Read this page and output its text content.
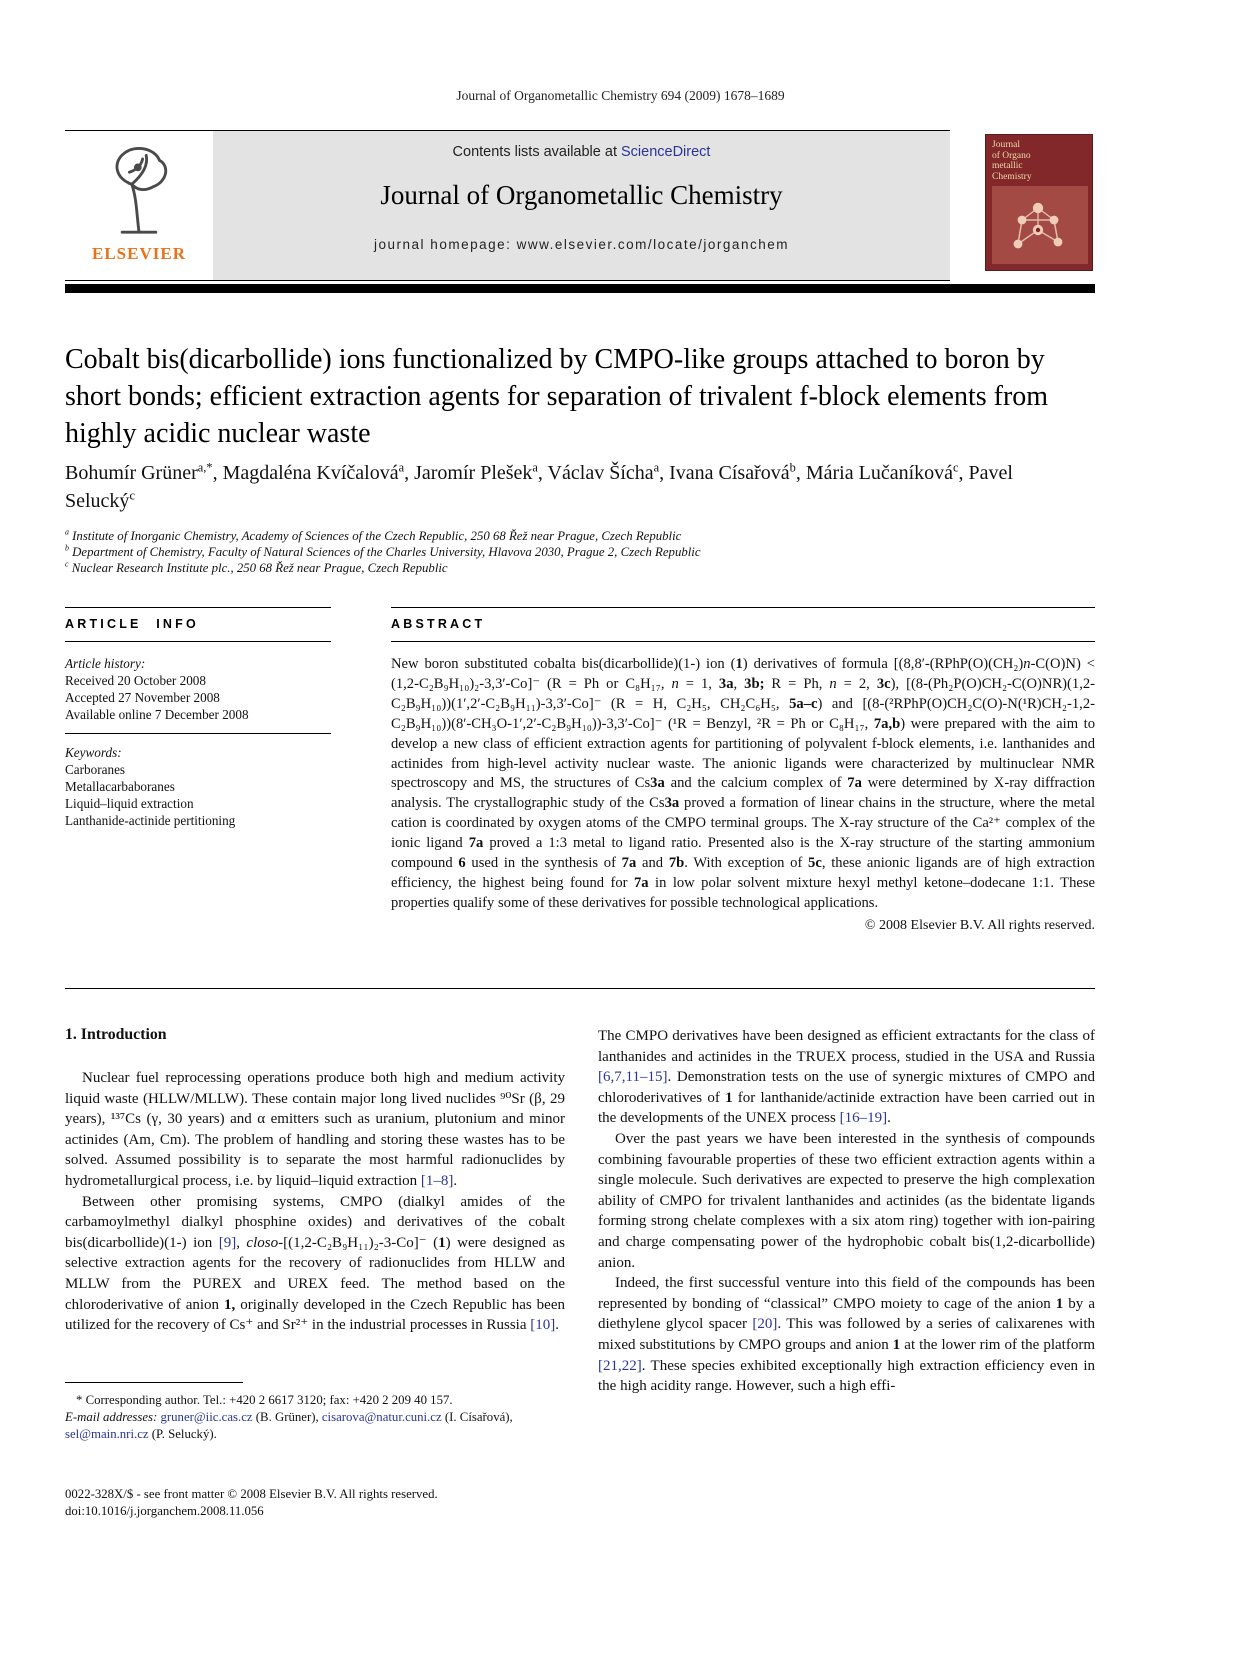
Journal of Organometallic Chemistry 694 (2009) 1678–1689
ELSEVIER
Contents lists available at ScienceDirect
Journal of Organometallic Chemistry
journal homepage: www.elsevier.com/locate/jorganchem
Journal
of Organo
metallic
Chemistry
Cobalt bis(dicarbollide) ions functionalized by CMPO-like groups attached to boron by short bonds; efficient extraction agents for separation of trivalent f-block elements from highly acidic nuclear waste
Bohumír Grüner$^{a,*}$, Magdaléna Kvíčalová$^a$, Jaromír Plešek$^a$, Václav Šícha$^a$, Ivana Císařová$^b$, Mária Lučaníková$^c$, Pavel Selucký$^c$
$^a$ Institute of Inorganic Chemistry, Academy of Sciences of the Czech Republic, 250 68 Řež near Prague, Czech Republic
$^b$ Department of Chemistry, Faculty of Natural Sciences of the Charles University, Hlavova 2030, Prague 2, Czech Republic
$^c$ Nuclear Research Institute plc., 250 68 Řež near Prague, Czech Republic
ARTICLE INFO
Article history:
Received 20 October 2008
Accepted 27 November 2008
Available online 7 December 2008
Keywords:
Carboranes
Metallacarbaboranes
Liquid–liquid extraction
Lanthanide-actinide pertitioning
ABSTRACT
New boron substituted cobalta bis(dicarbollide)(1-) ion (1) derivatives of formula [(8,8′-(RPhP(O)(CH₂)n-C(O)N) < (1,2-C₂B₉H₁₀)₂-3,3′-Co]⁻ (R = Ph or C₈H₁₇, n = 1, 3a, 3b; R = Ph, n = 2, 3c), [(8-(Ph₂P(O)CH₂-C(O)NR)(1,2-C₂B₉H₁₀))(1′,2′-C₂B₉H₁₁)-3,3′-Co]⁻ (R = H, C₂H₅, CH₂C₆H₅, 5a–c) and [(8-(²RPhP(O)CH₂C(O)-N(¹R)CH₂-1,2-C₂B₉H₁₀))(8′-CH₃O-1′,2′-C₂B₉H₁₀))-3,3′-Co]⁻ (¹R = Benzyl, ²R = Ph or C₈H₁₇, 7a,b) were prepared with the aim to develop a new class of efficient extraction agents for partitioning of polyvalent f-block elements, i.e. lanthanides and actinides from high-level activity nuclear waste. The anionic ligands were characterized by multinuclear NMR spectroscopy and MS, the structures of Cs3a and the calcium complex of 7a were determined by X-ray diffraction analysis. The crystallographic study of the Cs3a proved a formation of linear chains in the structure, where the metal cation is coordinated by oxygen atoms of the CMPO terminal groups. The X-ray structure of the Ca²⁺ complex of the ionic ligand 7a proved a 1:3 metal to ligand ratio. Presented also is the X-ray structure of the starting ammonium compound 6 used in the synthesis of 7a and 7b. With exception of 5c, these anionic ligands are of high extraction efficiency, the highest being found for 7a in low polar solvent mixture hexyl methyl ketone–dodecane 1:1. These properties qualify some of these derivatives for possible technological applications.
© 2008 Elsevier B.V. All rights reserved.
1. Introduction

Nuclear fuel reprocessing operations produce both high and medium activity liquid waste (HLLW/MLLW). These contain major long lived nuclides ⁹⁰Sr (β, 29 years), ¹³⁷Cs (γ, 30 years) and α emitters such as uranium, plutonium and minor actinides (Am, Cm). The problem of handling and storing these wastes has to be solved. Assumed possibility is to separate the most harmful radionuclides by hydrometallurgical process, i.e. by liquid–liquid extraction [1–8].

Between other promising systems, CMPO (dialkyl amides of the carbamoylmethyl dialkyl phosphine oxides) and derivatives of the cobalt bis(dicarbollide)(1-) ion [9], closo-[(1,2-C₂B₉H₁₁)₂-3-Co]⁻ (1) were designed as selective extraction agents for the recovery of radionuclides from HLLW and MLLW from the PUREX and UREX feed. The method based on the chloroderivative of anion 1, originally developed in the Czech Republic has been utilized for the recovery of Cs⁺ and Sr²⁺ in the industrial processes in Russia [10].

The CMPO derivatives have been designed as efficient extractants for the class of lanthanides and actinides in the TRUEX process, studied in the USA and Russia [6,7,11–15]. Demonstration tests on the use of synergic mixtures of CMPO and chloroderivatives of 1 for lanthanide/actinide extraction have been carried out in the developments of the UNEX process [16–19].

Over the past years we have been interested in the synthesis of compounds combining favourable properties of these two efficient extraction agents within a single molecule. Such derivatives are expected to preserve the high complexation ability of CMPO for trivalent lanthanides and actinides (as the bidentate ligands forming strong chelate complexes with a six atom ring) together with ion-pairing and charge compensating power of the hydrophobic cobalt bis(1,2-dicarbollide) anion.

Indeed, the first successful venture into this field of the compounds has been represented by bonding of “classical” CMPO moiety to cage of the anion 1 by a diethylene glycol spacer [20]. This was followed by a series of calixarenes with mixed substitutions by CMPO groups and anion 1 at the lower rim of the platform [21,22]. These species exhibited exceptionally high extraction efficiency even in the high acidity range. However, such a high effi-

* Corresponding author. Tel.: +420 2 6617 3120; fax: +420 2 209 40 157.
E-mail addresses: gruner@iic.cas.cz (B. Grüner), cisarova@natur.cuni.cz (I. Císařová), sel@main.nri.cz (P. Selucký).
0022-328X/$ - see front matter © 2008 Elsevier B.V. All rights reserved.
doi:10.1016/j.jorganchem.2008.11.056
